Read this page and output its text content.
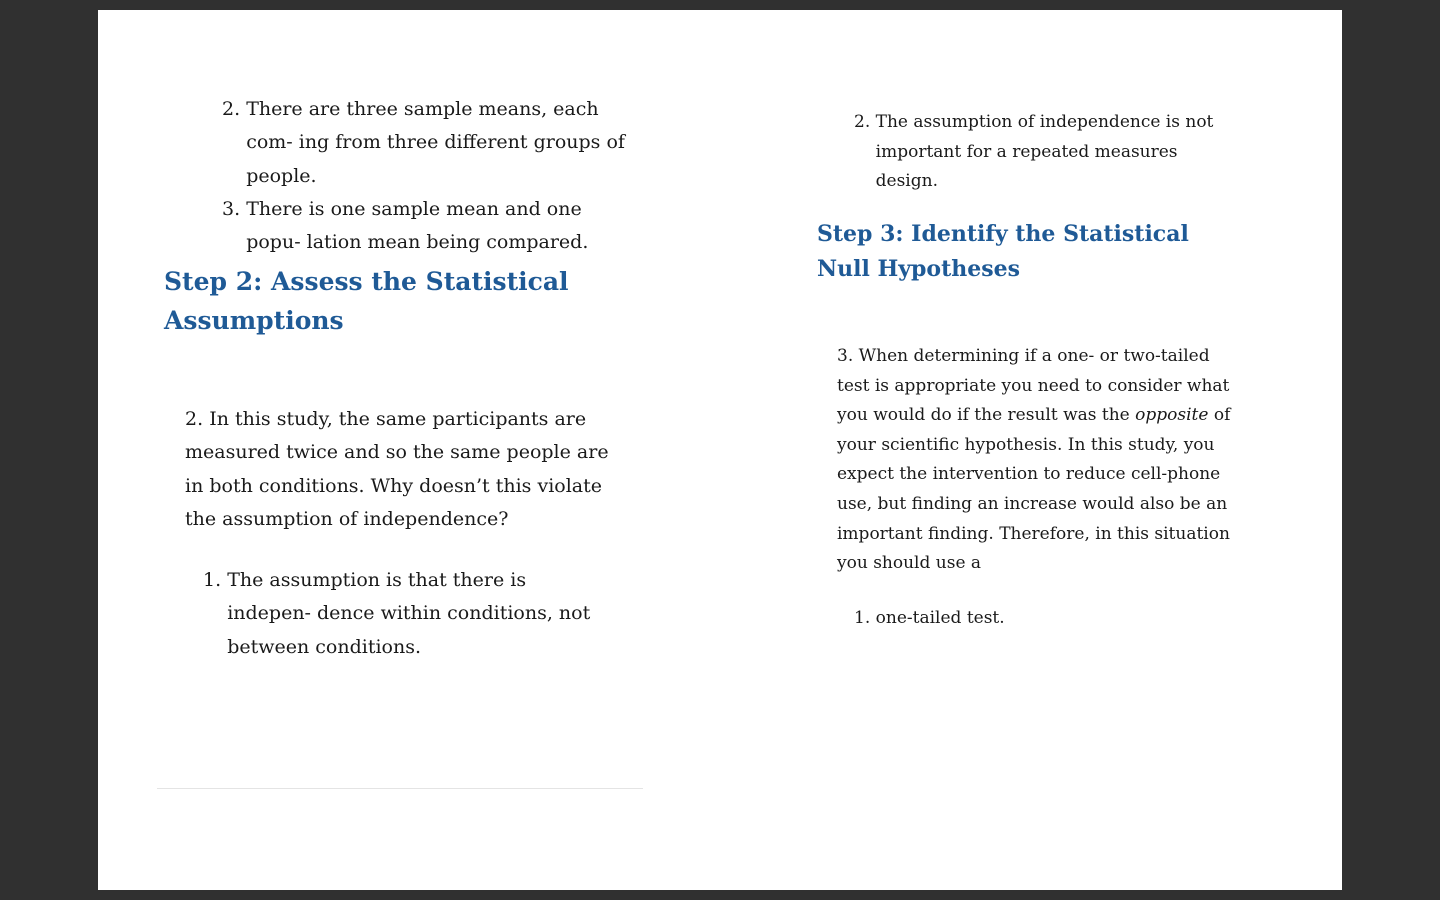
2.
There are three sample means, each com- ing from three different groups of people.
3.
There is one sample mean and one popu- lation mean being compared.
Step 2: Assess the Statistical
Assumptions
2. In this study, the same participants are measured twice and so the same people are in both conditions. Why doesn’t this violate the assumption of independence?
1.
The assumption is that there is indepen- dence within conditions, not between conditions.
2.
The assumption of independence is not important for a repeated measures design.
Step 3: Identify the Statistical
Null Hypotheses
3. When determining if a one- or two-tailed test is appropriate you need to consider what you would do if the result was the opposite of your scientific hypothesis. In this study, you expect the intervention to reduce cell-phone use, but finding an increase would also be an important finding. Therefore, in this situation you should use a
1.
one-tailed test.
